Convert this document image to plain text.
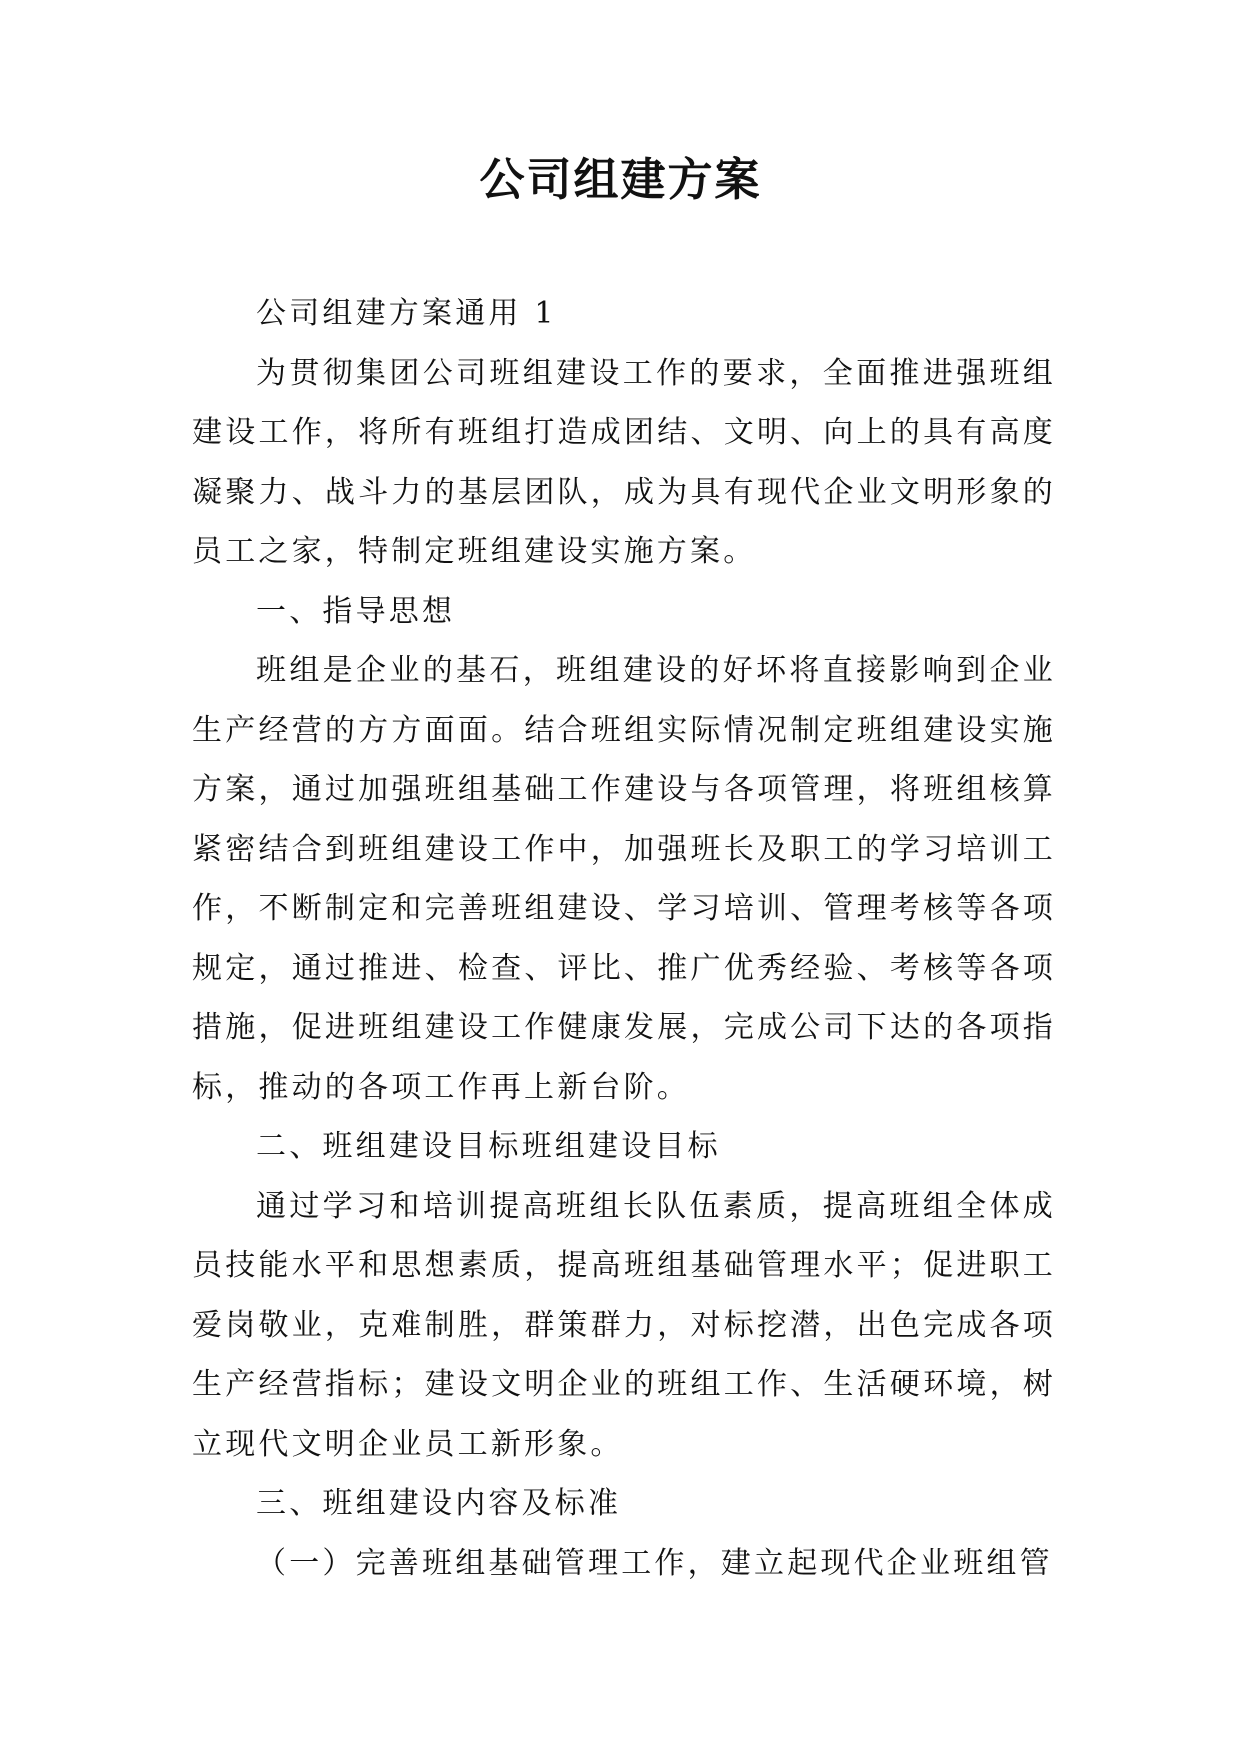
公司组建方案

公司组建方案通用 1

为贯彻集团公司班组建设工作的要求，全面推进强班组建设工作，将所有班组打造成团结、文明、向上的具有高度凝聚力、战斗力的基层团队，成为具有现代企业文明形象的员工之家，特制定班组建设实施方案。

一、指导思想

班组是企业的基石，班组建设的好坏将直接影响到企业生产经营的方方面面。结合班组实际情况制定班组建设实施方案，通过加强班组基础工作建设与各项管理，将班组核算紧密结合到班组建设工作中，加强班长及职工的学习培训工作，不断制定和完善班组建设、学习培训、管理考核等各项规定，通过推进、检查、评比、推广优秀经验、考核等各项措施，促进班组建设工作健康发展，完成公司下达的各项指标，推动的各项工作再上新台阶。

二、班组建设目标班组建设目标

通过学习和培训提高班组长队伍素质，提高班组全体成员技能水平和思想素质，提高班组基础管理水平；促进职工爱岗敬业，克难制胜，群策群力，对标挖潜，出色完成各项生产经营指标；建设文明企业的班组工作、生活硬环境，树立现代文明企业员工新形象。

三、班组建设内容及标准

（一）完善班组基础管理工作，建立起现代企业班组管
